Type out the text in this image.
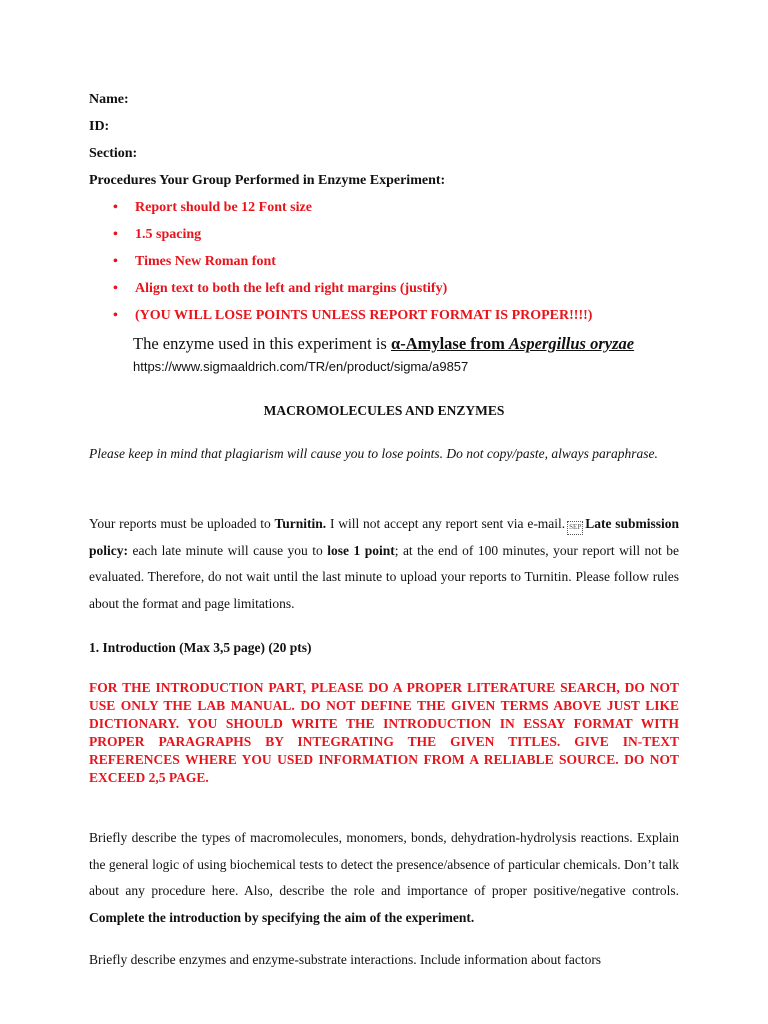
Name:
ID:
Section:
Procedures Your Group Performed in Enzyme Experiment:
• Report should be 12 Font size
• 1.5 spacing
• Times New Roman font
• Align text to both the left and right margins (justify)
• (YOU WILL LOSE POINTS UNLESS REPORT FORMAT IS PROPER!!!!)
The enzyme used in this experiment is α-Amylase from Aspergillus oryzae https://www.sigmaaldrich.com/TR/en/product/sigma/a9857
MACROMOLECULES AND ENZYMES
Please keep in mind that plagiarism will cause you to lose points. Do not copy/paste, always paraphrase.
Your reports must be uploaded to Turnitin. I will not accept any report sent via e-mail. SEP Late submission policy: each late minute will cause you to lose 1 point; at the end of 100 minutes, your report will not be evaluated. Therefore, do not wait until the last minute to upload your reports to Turnitin. Please follow rules about the format and page limitations.
1. Introduction (Max 3,5 page) (20 pts)
FOR THE INTRODUCTION PART, PLEASE DO A PROPER LITERATURE SEARCH, DO NOT USE ONLY THE LAB MANUAL. DO NOT DEFINE THE GIVEN TERMS ABOVE JUST LIKE DICTIONARY. YOU SHOULD WRITE THE INTRODUCTION IN ESSAY FORMAT WITH PROPER PARAGRAPHS BY INTEGRATING THE GIVEN TITLES. GIVE IN-TEXT REFERENCES WHERE YOU USED INFORMATION FROM A RELIABLE SOURCE. DO NOT EXCEED 2,5 PAGE.
Briefly describe the types of macromolecules, monomers, bonds, dehydration-hydrolysis reactions. Explain the general logic of using biochemical tests to detect the presence/absence of particular chemicals. Don’t talk about any procedure here. Also, describe the role and importance of proper positive/negative controls. Complete the introduction by specifying the aim of the experiment.
Briefly describe enzymes and enzyme-substrate interactions. Include information about factors
